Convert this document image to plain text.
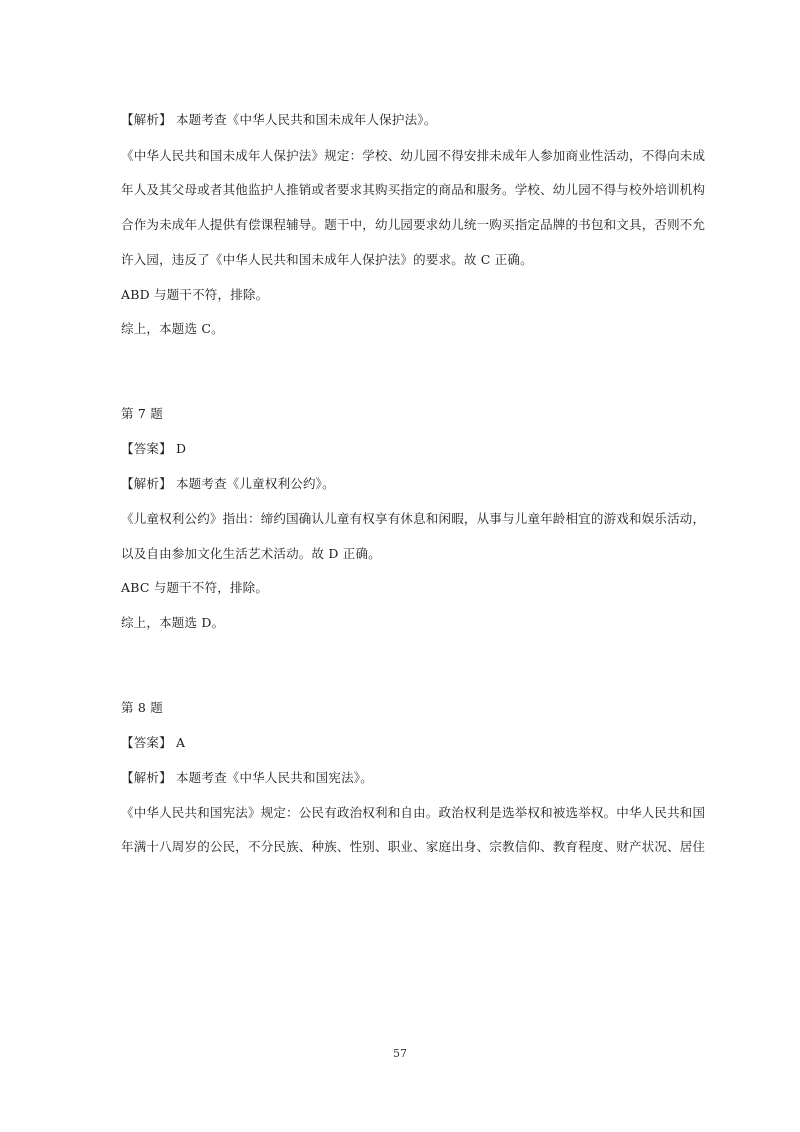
【解析】 本题考查《中华人民共和国未成年人保护法》。
《中华人民共和国未成年人保护法》规定：学校、幼儿园不得安排未成年人参加商业性活动，不得向未成
年人及其父母或者其他监护人推销或者要求其购买指定的商品和服务。学校、幼儿园不得与校外培训机构
合作为未成年人提供有偿课程辅导。题干中，幼儿园要求幼儿统一购买指定品牌的书包和文具，否则不允
许入园，违反了《中华人民共和国未成年人保护法》的要求。故 C 正确。
ABD 与题干不符，排除。
综上，本题选 C。
第 7 题
【答案】 D
【解析】 本题考查《儿童权利公约》。
《儿童权利公约》指出：缔约国确认儿童有权享有休息和闲暇，从事与儿童年龄相宜的游戏和娱乐活动，
以及自由参加文化生活艺术活动。故 D 正确。
ABC 与题干不符，排除。
综上，本题选 D。
第 8 题
【答案】 A
【解析】 本题考查《中华人民共和国宪法》。
《中华人民共和国宪法》规定：公民有政治权利和自由。政治权利是选举权和被选举权。中华人民共和国
年满十八周岁的公民，不分民族、种族、性别、职业、家庭出身、宗教信仰、教育程度、财产状况、居住
57
